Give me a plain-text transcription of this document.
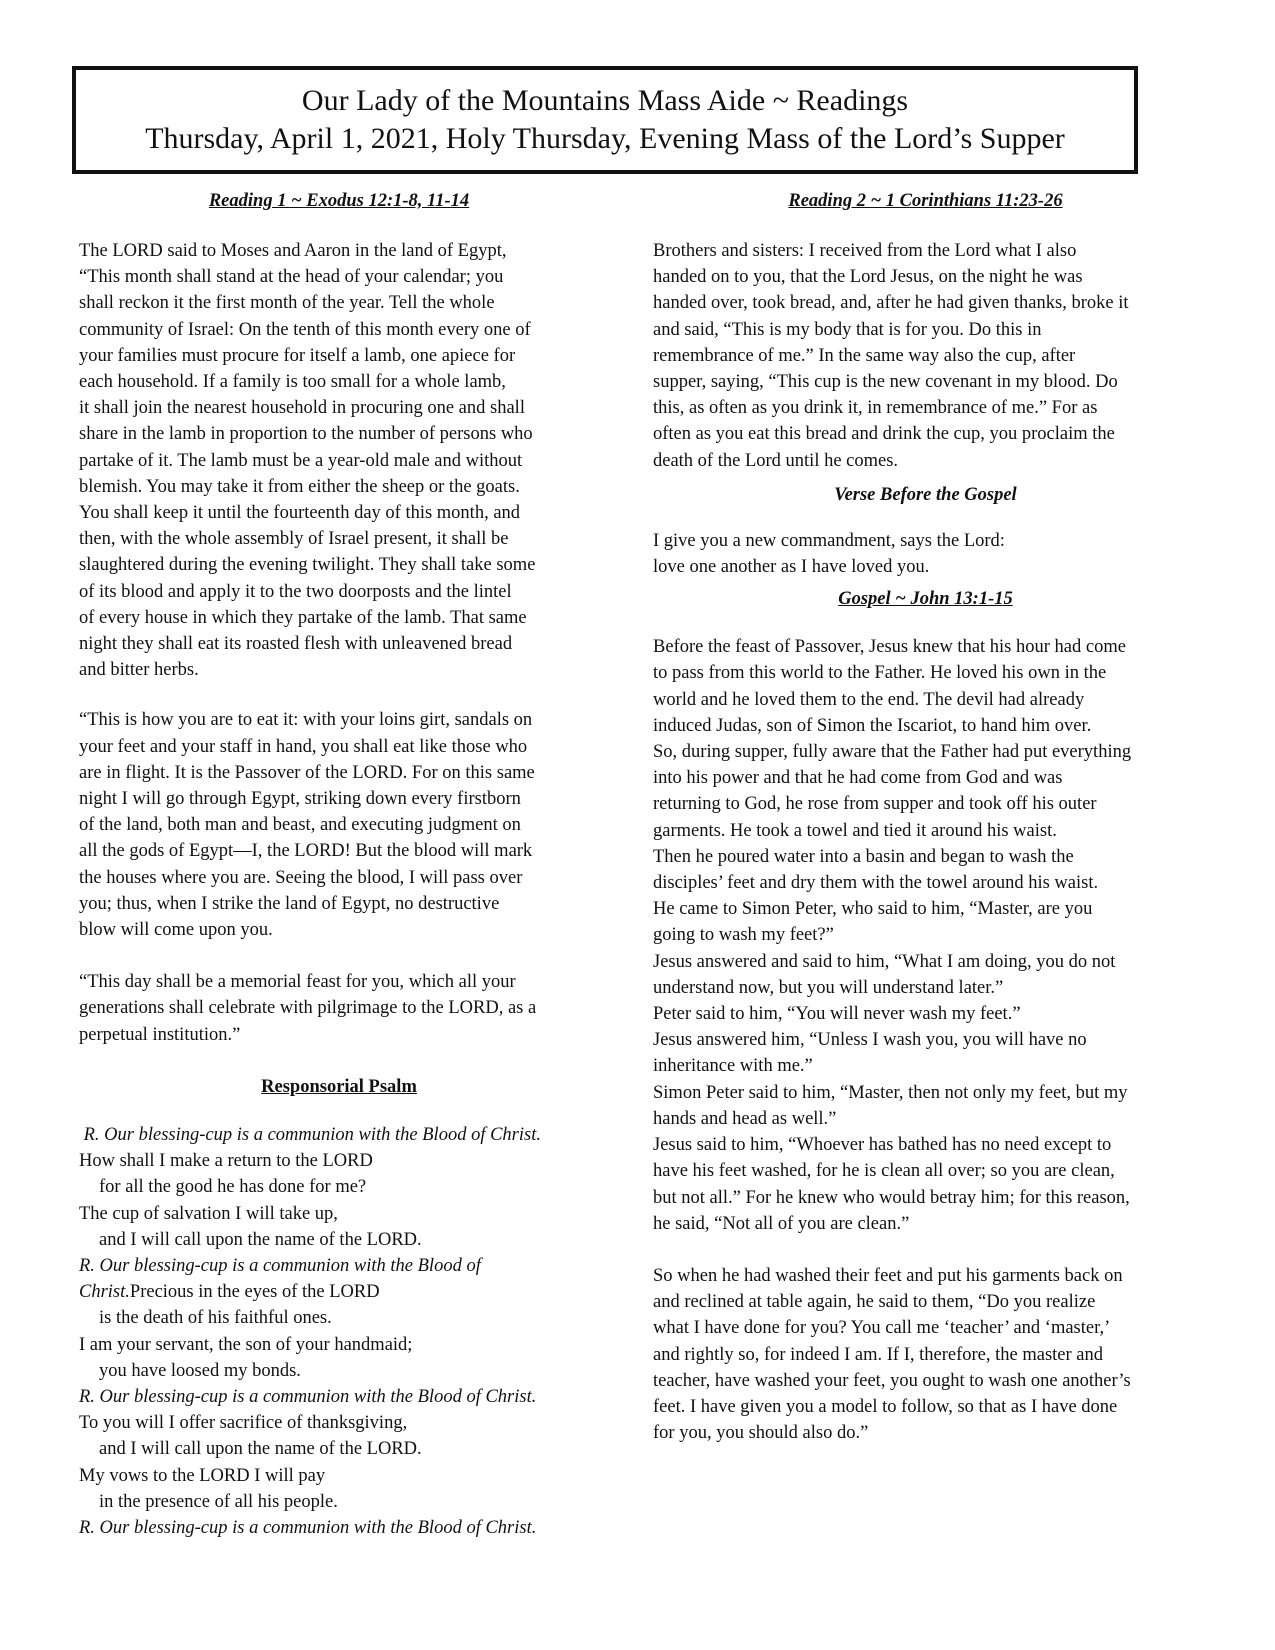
Our Lady of the Mountains Mass Aide ~ Readings
Thursday, April 1, 2021, Holy Thursday, Evening Mass of the Lord’s Supper
Reading 1 ~ Exodus 12:1-8, 11-14

The LORD said to Moses and Aaron in the land of Egypt,
“This month shall stand at the head of your calendar; you
shall reckon it the first month of the year. Tell the whole
community of Israel: On the tenth of this month every one of
your families must procure for itself a lamb, one apiece for
each household. If a family is too small for a whole lamb,
it shall join the nearest household in procuring one and shall
share in the lamb in proportion to the number of persons who
partake of it. The lamb must be a year-old male and without
blemish. You may take it from either the sheep or the goats.
You shall keep it until the fourteenth day of this month, and
then, with the whole assembly of Israel present, it shall be
slaughtered during the evening twilight. They shall take some
of its blood and apply it to the two doorposts and the lintel
of every house in which they partake of the lamb. That same
night they shall eat its roasted flesh with unleavened bread
and bitter herbs.

“This is how you are to eat it: with your loins girt, sandals on
your feet and your staff in hand, you shall eat like those who
are in flight. It is the Passover of the LORD. For on this same
night I will go through Egypt, striking down every firstborn
of the land, both man and beast, and executing judgment on
all the gods of Egypt—I, the LORD! But the blood will mark
the houses where you are. Seeing the blood, I will pass over
you; thus, when I strike the land of Egypt, no destructive
blow will come upon you.

“This day shall be a memorial feast for you, which all your
generations shall celebrate with pilgrimage to the LORD, as a
perpetual institution.”

Responsorial Psalm
R. Our blessing-cup is a communion with the Blood of Christ.
How shall I make a return to the LORD
for all the good he has done for me?
The cup of salvation I will take up,
and I will call upon the name of the LORD.
R. Our blessing-cup is a communion with the Blood of
Christ.Precious in the eyes of the LORD
is the death of his faithful ones.
I am your servant, the son of your handmaid;
you have loosed my bonds.
R. Our blessing-cup is a communion with the Blood of Christ.
To you will I offer sacrifice of thanksgiving,
and I will call upon the name of the LORD.
My vows to the LORD I will pay
in the presence of all his people.
R. Our blessing-cup is a communion with the Blood of Christ.
Reading 2 ~ 1 Corinthians 11:23-26

Brothers and sisters: I received from the Lord what I also
handed on to you, that the Lord Jesus, on the night he was
handed over, took bread, and, after he had given thanks, broke it
and said, “This is my body that is for you. Do this in
remembrance of me.” In the same way also the cup, after
supper, saying, “This cup is the new covenant in my blood. Do
this, as often as you drink it, in remembrance of me.” For as
often as you eat this bread and drink the cup, you proclaim the
death of the Lord until he comes.

Verse Before the Gospel

I give you a new commandment, says the Lord:
love one another as I have loved you.

Gospel ~ John 13:1-15

Before the feast of Passover, Jesus knew that his hour had come
to pass from this world to the Father. He loved his own in the
world and he loved them to the end. The devil had already
induced Judas, son of Simon the Iscariot, to hand him over.
So, during supper, fully aware that the Father had put everything
into his power and that he had come from God and was
returning to God, he rose from supper and took off his outer
garments. He took a towel and tied it around his waist.
Then he poured water into a basin and began to wash the
disciples’ feet and dry them with the towel around his waist.
He came to Simon Peter, who said to him, “Master, are you
going to wash my feet?”
Jesus answered and said to him, “What I am doing, you do not
understand now, but you will understand later.”
Peter said to him, “You will never wash my feet.”
Jesus answered him, “Unless I wash you, you will have no
inheritance with me.”
Simon Peter said to him, “Master, then not only my feet, but my
hands and head as well.”
Jesus said to him, “Whoever has bathed has no need except to
have his feet washed, for he is clean all over; so you are clean,
but not all.” For he knew who would betray him; for this reason,
he said, “Not all of you are clean.”

So when he had washed their feet and put his garments back on
and reclined at table again, he said to them, “Do you realize
what I have done for you? You call me ‘teacher’ and ‘master,’
and rightly so, for indeed I am. If I, therefore, the master and
teacher, have washed your feet, you ought to wash one another’s
feet. I have given you a model to follow, so that as I have done
for you, you should also do.”
